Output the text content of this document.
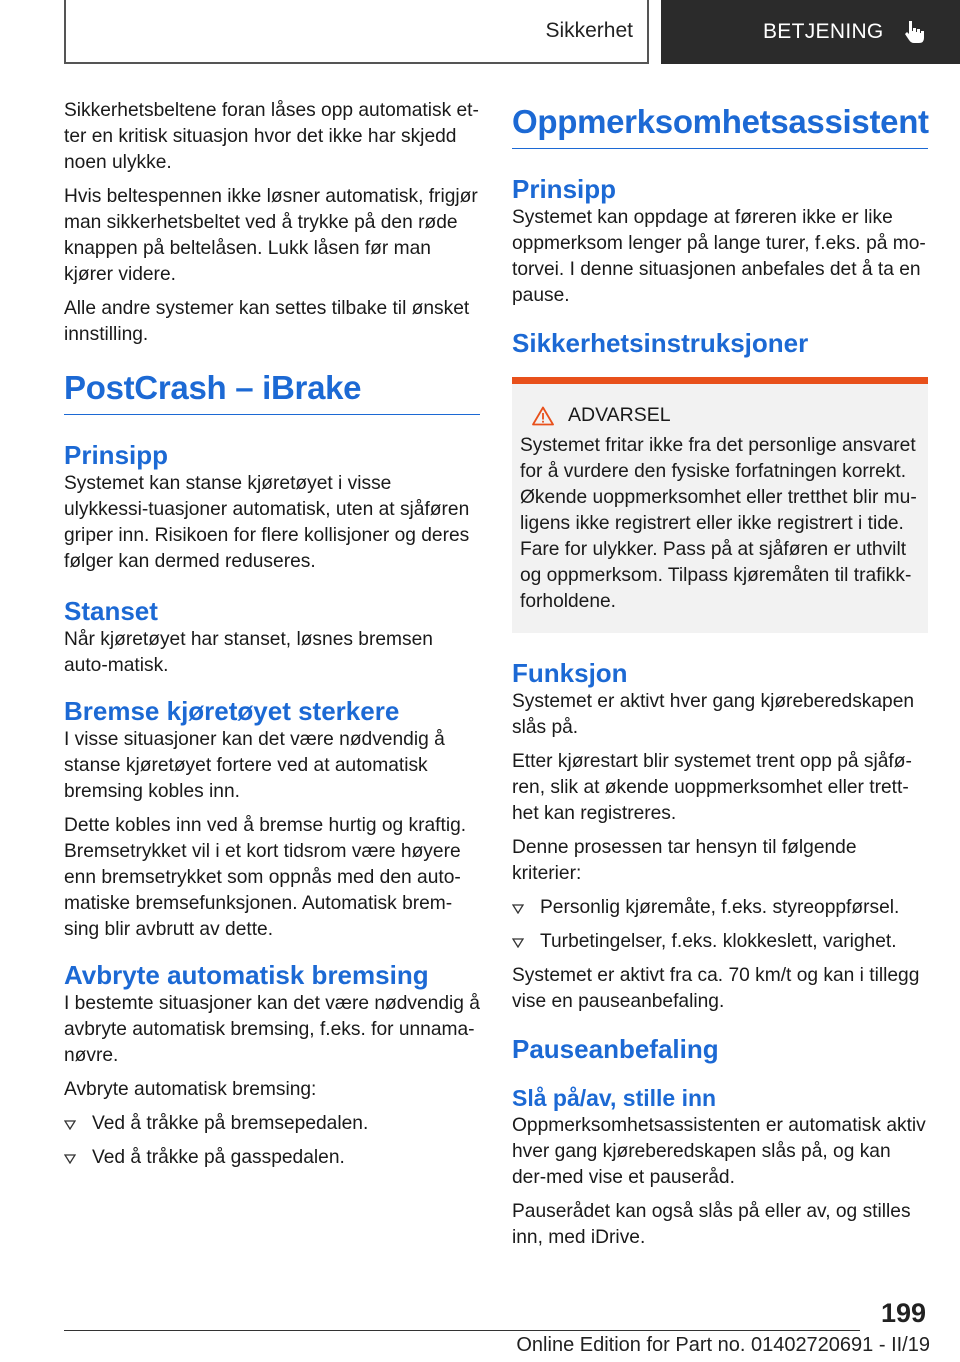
Sikkerhet	BETJENING

Sikkerhetsbeltene foran låses opp automatisk et-ter en kritisk situasjon hvor det ikke har skjedd noen ulykke.

Hvis beltespennen ikke løsner automatisk, frigjør man sikkerhetsbeltet ved å trykke på den røde knappen på beltelåsen. Lukk låsen før man kjører videre.

Alle andre systemer kan settes tilbake til ønsket innstilling.

PostCrash – iBrake
Prinsipp

Systemet kan stanse kjøretøyet i visse ulykkessi-tuasjoner automatisk, uten at sjåføren griper inn. Risikoen for flere kollisjoner og deres følger kan dermed reduseres.

Stanset

Når kjøretøyet har stanset, løsnes bremsen auto-matisk.

Bremse kjøretøyet sterkere

I visse situasjoner kan det være nødvendig å stanse kjøretøyet fortere ved at automatisk bremsing kobles inn.

Dette kobles inn ved å bremse hurtig og kraftig. Bremsetrykket vil i et kort tidsrom være høyere enn bremsetrykket som oppnås med den auto-matiske bremsefunksjonen. Automatisk brem-sing blir avbrutt av dette.

Avbryte automatisk bremsing

I bestemte situasjoner kan det være nødvendig å avbryte automatisk bremsing, f.eks. for unnama-nøvre.

Avbryte automatisk bremsing:

Ved å tråkke på bremsepedalen.
Ved å tråkke på gasspedalen.
Oppmerksomhetsassistent
Prinsipp

Systemet kan oppdage at føreren ikke er like oppmerksom lenger på lange turer, f.eks. på mo-torvei. I denne situasjonen anbefales det å ta en pause.

Sikkerhetsinstruksjoner
ADVARSEL

Systemet fritar ikke fra det personlige ansvaret for å vurdere den fysiske forfatningen korrekt. Økende uoppmerksomhet eller tretthet blir mu-ligens ikke registrert eller ikke registrert i tide. Fare for ulykker. Pass på at sjåføren er uthvilt og oppmerksom. Tilpass kjøremåten til trafikk-forholdene.

Funksjon

Systemet er aktivt hver gang kjøreberedskapen slås på.

Etter kjørestart blir systemet trent opp på sjåfø-ren, slik at økende uoppmerksomhet eller trett-het kan registreres.

Denne prosessen tar hensyn til følgende kriterier:

Personlig kjøremåte, f.eks. styreoppførsel.
Turbetingelser, f.eks. klokkeslett, varighet.

Systemet er aktivt fra ca. 70 km/t og kan i tillegg vise en pauseanbefaling.

Pauseanbefaling
Slå på/av, stille inn

Oppmerksomhetsassistenten er automatisk aktiv hver gang kjøreberedskapen slås på, og kan der-med vise et pauseråd.

Pauserådet kan også slås på eller av, og stilles inn, med iDrive.

199
Online Edition for Part no. 01402720691 - II/19
